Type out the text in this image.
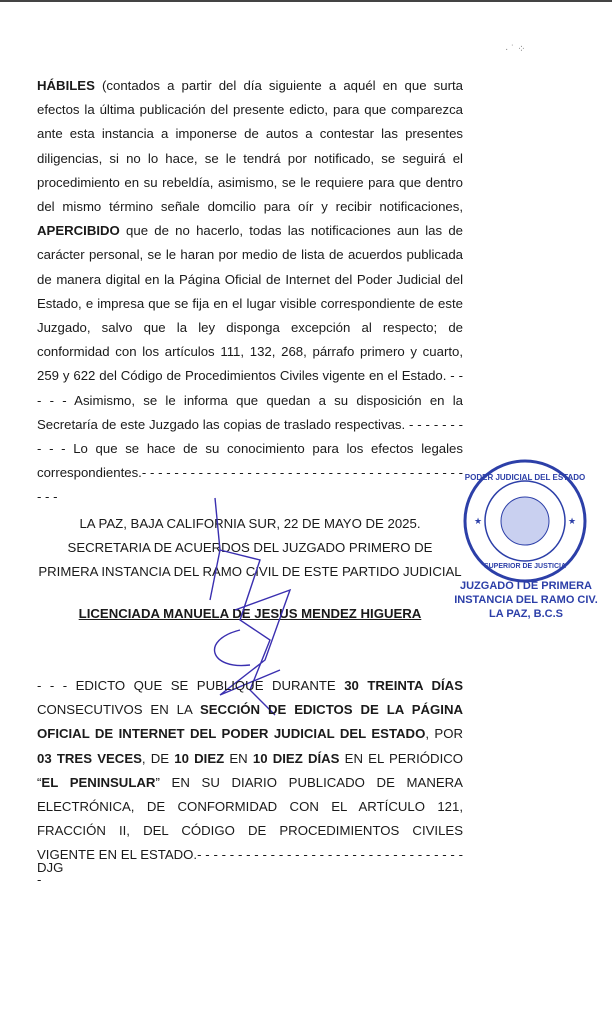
· ˙ ⁘

HÁBILES (contados a partir del día siguiente a aquél en que surta efectos la última publicación del presente edicto, para que comparezca ante esta instancia a imponerse de autos a contestar las presentes diligencias, si no lo hace, se le tendrá por notificado, se seguirá el procedimiento en su rebeldía, asimismo, se le requiere para que dentro del mismo término señale domcilio para oír y recibir notificaciones, APERCIBIDO que de no hacerlo, todas las notificaciones aun las de carácter personal, se le haran por medio de lista de acuerdos publicada de manera digital en la Página Oficial de Internet del Poder Judicial del Estado, e impresa que se fija en el lugar visible correspondiente de este Juzgado, salvo que la ley disponga excepción al respecto; de conformidad con los artículos 111, 132, 268, párrafo primero y cuarto, 259 y 622 del Código de Procedimientos Civiles vigente en el Estado. - - - - - Asimismo, se le informa que quedan a su disposición en la Secretaría de este Juzgado las copias de traslado respectivas. - - - - - - - - - - Lo que se hace de su conocimiento para los efectos legales correspondientes.- - - - - - - - - - - - - - - - - - - - - - - - - - - - - - - - - - - - - - - - - - -

LA PAZ, BAJA CALIFORNIA SUR, 22 DE MAYO DE 2025.
SECRETARIA DE ACUERDOS DEL JUZGADO PRIMERO DE
PRIMERA INSTANCIA DEL RAMO CIVIL DE ESTE PARTIDO JUDICIAL
LICENCIADA MANUELA DE JESUS MENDEZ HIGUERA
PODER JUDICIAL DEL ESTADO
SUPERIOR DE JUSTICIA
★	★
JUZGADO I DE PRIMERA
INSTANCIA DEL RAMO CIV.
LA PAZ, B.C.S

- - - EDICTO QUE SE PUBLIQUE DURANTE 30 TREINTA DÍAS CONSECUTIVOS EN LA SECCIÓN DE EDICTOS DE LA PÁGINA OFICIAL DE INTERNET DEL PODER JUDICIAL DEL ESTADO, POR 03 TRES VECES, DE 10 DIEZ EN 10 DIEZ DÍAS EN EL PERIÓDICO “EL PENINSULAR” EN SU DIARIO PUBLICADO DE MANERA ELECTRÓNICA, DE CONFORMIDAD CON EL ARTÍCULO 121, FRACCIÓN II, DEL CÓDIGO DE PROCEDIMIENTOS CIVILES VIGENTE EN EL ESTADO.- - - - - - - - - - - - - - - - - - - - - - - - - - - - - - - - - -

DJG
